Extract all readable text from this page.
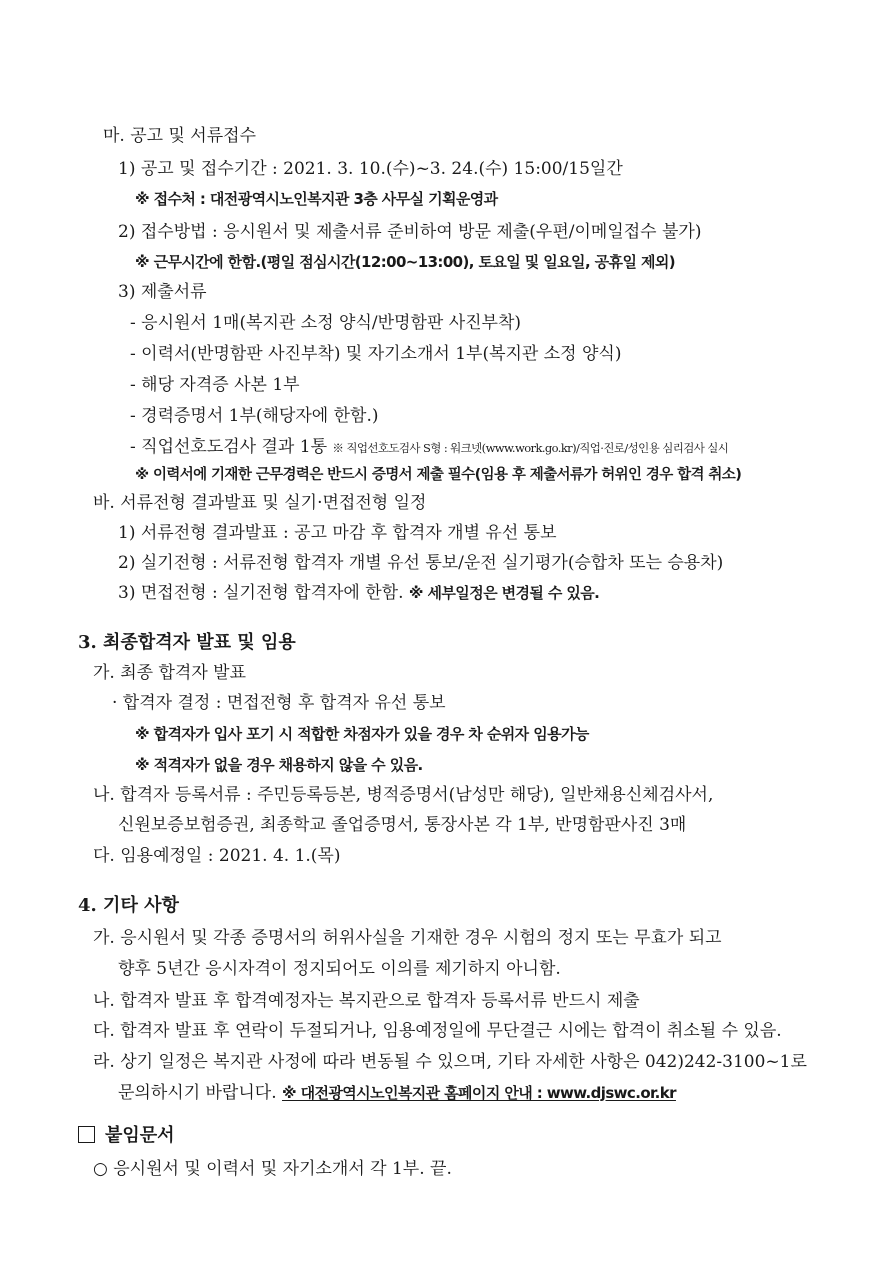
마. 공고 및 서류접수
1) 공고 및 접수기간 : 2021. 3. 10.(수)~3. 24.(수) 15:00/15일간
※ 접수처 : 대전광역시노인복지관 3층 사무실 기획운영과
2) 접수방법 : 응시원서 및 제출서류 준비하여 방문 제출(우편/이메일접수 불가)
※ 근무시간에 한함.(평일 점심시간(12:00~13:00), 토요일 및 일요일, 공휴일 제외)
3) 제출서류
- 응시원서 1매(복지관 소정 양식/반명함판 사진부착)
- 이력서(반명함판 사진부착) 및 자기소개서 1부(복지관 소정 양식)
- 해당 자격증 사본 1부
- 경력증명서 1부(해당자에 한함.)
- 직업선호도검사 결과 1통 ※ 직업선호도검사 S형 : 워크넷(www.work.go.kr)/직업·진로/성인용 심리검사 실시
※ 이력서에 기재한 근무경력은 반드시 증명서 제출 필수(임용 후 제출서류가 허위인 경우 합격 취소)
바. 서류전형 결과발표 및 실기·면접전형 일정
1) 서류전형 결과발표 : 공고 마감 후 합격자 개별 유선 통보
2) 실기전형 : 서류전형 합격자 개별 유선 통보/운전 실기평가(승합차 또는 승용차)
3) 면접전형 : 실기전형 합격자에 한함. ※ 세부일정은 변경될 수 있음.
3. 최종합격자 발표 및 임용
가. 최종 합격자 발표
· 합격자 결정 : 면접전형 후 합격자 유선 통보
※ 합격자가 입사 포기 시 적합한 차점자가 있을 경우 차 순위자 임용가능
※ 적격자가 없을 경우 채용하지 않을 수 있음.
나. 합격자 등록서류 : 주민등록등본, 병적증명서(남성만 해당), 일반채용신체검사서,
신원보증보험증권, 최종학교 졸업증명서, 통장사본 각 1부, 반명함판사진 3매
다. 임용예정일 : 2021. 4. 1.(목)
4. 기타 사항
가. 응시원서 및 각종 증명서의 허위사실을 기재한 경우 시험의 정지 또는 무효가 되고
향후 5년간 응시자격이 정지되어도 이의를 제기하지 아니함.
나. 합격자 발표 후 합격예정자는 복지관으로 합격자 등록서류 반드시 제출
다. 합격자 발표 후 연락이 두절되거나, 임용예정일에 무단결근 시에는 합격이 취소될 수 있음.
라. 상기 일정은 복지관 사정에 따라 변동될 수 있으며, 기타 자세한 사항은 042)242-3100~1로
문의하시기 바랍니다. ※ 대전광역시노인복지관 홈페이지 안내 : www.djswc.or.kr
붙임문서
○ 응시원서 및 이력서 및 자기소개서 각 1부. 끝.
